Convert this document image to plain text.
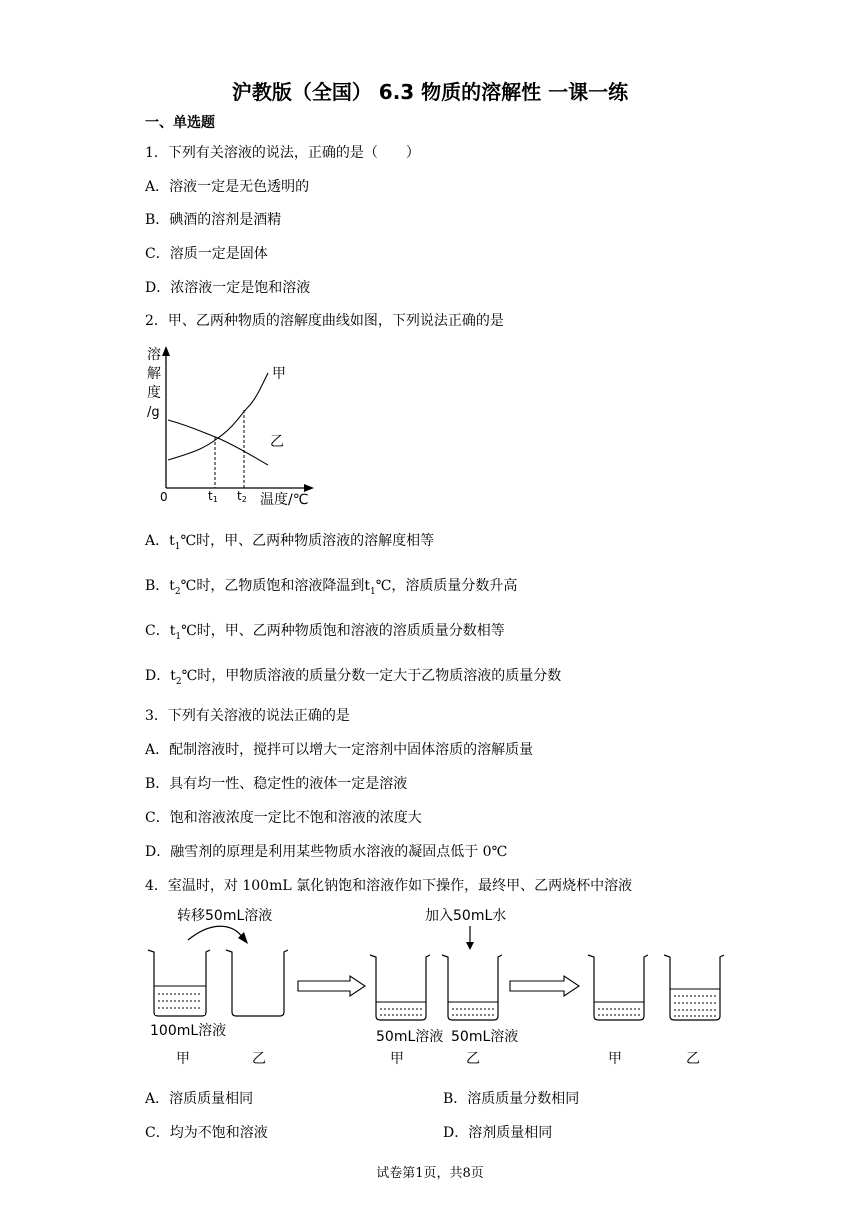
沪教版（全国） 6.3 物质的溶解性 一课一练
一、单选题
1．下列有关溶液的说法，正确的是（　　）
A．溶液一定是无色透明的
B．碘酒的溶剂是酒精
C．溶质一定是固体
D．浓溶液一定是饱和溶液
2．甲、乙两种物质的溶解度曲线如图，下列说法正确的是
溶
解
度
/g
甲
乙
0	t1 t2 温度/℃
A．$t_1℃$时，甲、乙两种物质溶液的溶解度相等
B．$t_2℃$时，乙物质饱和溶液降温到$t_1℃$，溶质质量分数升高
C．$t_1℃$时，甲、乙两种物质饱和溶液的溶质质量分数相等
D．$t_2℃$时，甲物质溶液的质量分数一定大于乙物质溶液的质量分数
3．下列有关溶液的说法正确的是
A．配制溶液时，搅拌可以增大一定溶剂中固体溶质的溶解质量
B．具有均一性、稳定性的液体一定是溶液
C．饱和溶液浓度一定比不饱和溶液的浓度大
D．融雪剂的原理是利用某些物质水溶液的凝固点低于 0℃
4．室温时，对 100mL 氯化钠饱和溶液作如下操作，最终甲、乙两烧杯中溶液
转移50mL溶液
100mL溶液
甲	乙
加入50mL水
50mL溶液 50mL溶液
甲	乙	甲	乙
A．溶质质量相同	B．溶质质量分数相同
C．均为不饱和溶液	D．溶剂质量相同
试卷第1页，共8页
